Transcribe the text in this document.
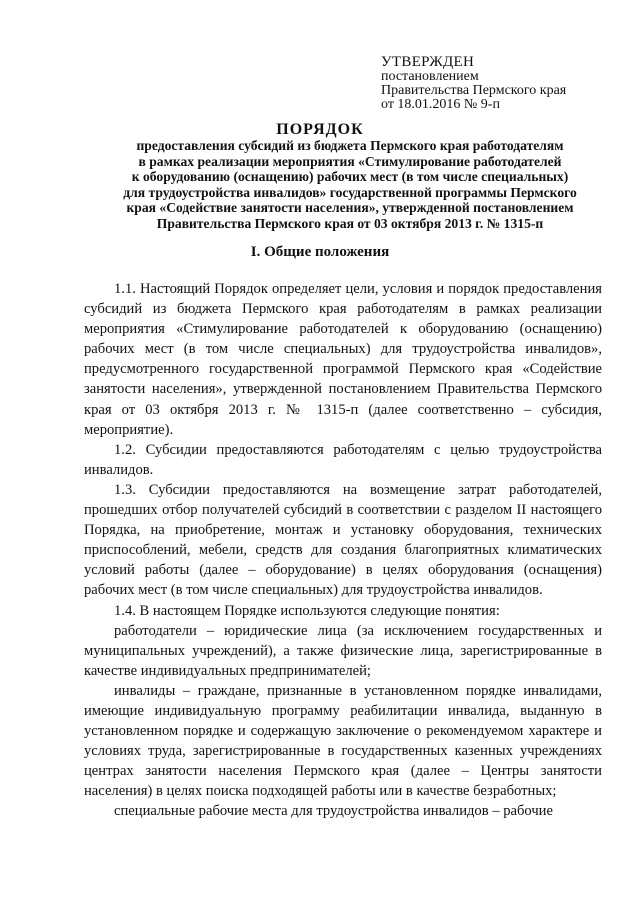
УТВЕРЖДЕН
постановлением
Правительства Пермского края
от 18.01.2016 № 9-п
ПОРЯДОК
предоставления субсидий из бюджета Пермского края работодателям
в рамках реализации мероприятия «Стимулирование работодателей
к оборудованию (оснащению) рабочих мест (в том числе специальных)
для трудоустройства инвалидов» государственной программы Пермского
края «Содействие занятости населения», утвержденной постановлением
Правительства Пермского края от 03 октября 2013 г. № 1315-п
I. Общие положения

1.1. Настоящий Порядок определяет цели, условия и порядок предоставления субсидий из бюджета Пермского края работодателям в рамках реализации мероприятия «Стимулирование работодателей к оборудованию (оснащению) рабочих мест (в том числе специальных) для трудоустройства инвалидов», предусмотренного государственной программой Пермского края «Содействие занятости населения», утвержденной постановлением Правительства Пермского края от 03 октября 2013 г. № 1315-п (далее соответственно – субсидия, мероприятие).

1.2. Субсидии предоставляются работодателям с целью трудоустройства инвалидов.

1.3. Субсидии предоставляются на возмещение затрат работодателей, прошедших отбор получателей субсидий в соответствии с разделом II настоящего Порядка, на приобретение, монтаж и установку оборудования, технических приспособлений, мебели, средств для создания благоприятных климатических условий работы (далее – оборудование) в целях оборудования (оснащения) рабочих мест (в том числе специальных) для трудоустройства инвалидов.

1.4. В настоящем Порядке используются следующие понятия:

работодатели – юридические лица (за исключением государственных и муниципальных учреждений), а также физические лица, зарегистрированные в качестве индивидуальных предпринимателей;

инвалиды – граждане, признанные в установленном порядке инвалидами, имеющие индивидуальную программу реабилитации инвалида, выданную в установленном порядке и содержащую заключение о рекомендуемом характере и условиях труда, зарегистрированные в государственных казенных учреждениях центрах занятости населения Пермского края (далее – Центры занятости населения) в целях поиска подходящей работы или в качестве безработных;

специальные рабочие места для трудоустройства инвалидов – рабочие
